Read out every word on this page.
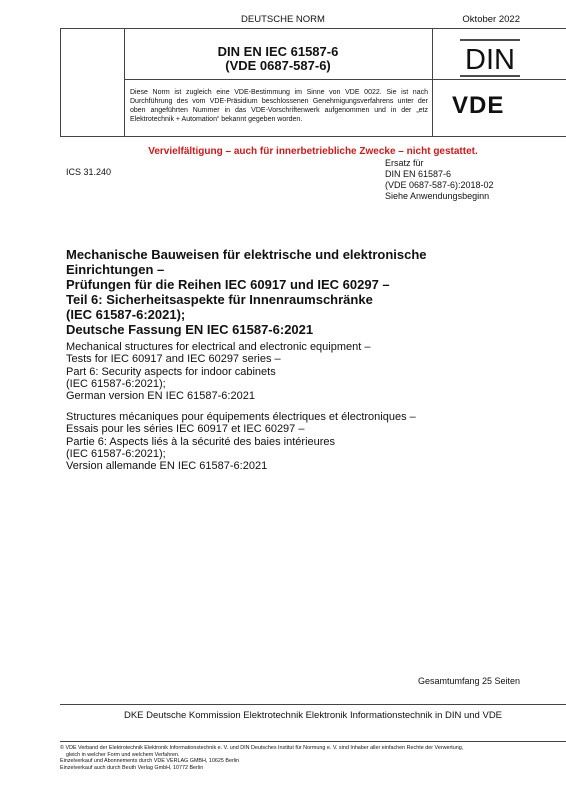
DEUTSCHE NORM	Oktober 2022
DIN EN IEC 61587-6
(VDE 0687-587-6)	DIN
Diese Norm ist zugleich eine VDE-Bestimmung im Sinne von VDE 0022. Sie ist nach Durchführung des vom VDE-Präsidium beschlossenen Genehmigungsverfahrens unter der oben angeführten Nummer in das VDE-Vorschriftenwerk aufgenommen und in der „etz Elektrotechnik + Automation“ bekannt gegeben worden.
VDE
Vervielfältigung – auch für innerbetriebliche Zwecke – nicht gestattet.
ICS 31.240
Ersatz für
DIN EN 61587-6
(VDE 0687-587-6):2018-02
Siehe Anwendungsbeginn
Mechanische Bauweisen für elektrische und elektronische
Einrichtungen –
Prüfungen für die Reihen IEC 60917 und IEC 60297 –
Teil 6: Sicherheitsaspekte für Innenraumschränke
(IEC 61587-6:2021);
Deutsche Fassung EN IEC 61587-6:2021
Mechanical structures for electrical and electronic equipment –
Tests for IEC 60917 and IEC 60297 series –
Part 6: Security aspects for indoor cabinets
(IEC 61587-6:2021);
German version EN IEC 61587-6:2021
Structures mécaniques pour équipements électriques et électroniques –
Essais pour les séries IEC 60917 et IEC 60297 –
Partie 6: Aspects liés à la sécurité des baies intérieures
(IEC 61587-6:2021);
Version allemande EN IEC 61587-6:2021
Gesamtumfang 25 Seiten
DKE Deutsche Kommission Elektrotechnik Elektronik Informationstechnik in DIN und VDE
© VDE Verband der Elektrotechnik Elektronik Informationstechnik e. V. und DIN Deutsches Institut für Normung e. V. sind Inhaber aller einfachen Rechte der Verwertung,
gleich in welcher Form und welchem Verfahren.
Einzelverkauf und Abonnements durch VDE VERLAG GMBH, 10625 Berlin
Einzelverkauf auch durch Beuth Verlag GmbH, 10772 Berlin
